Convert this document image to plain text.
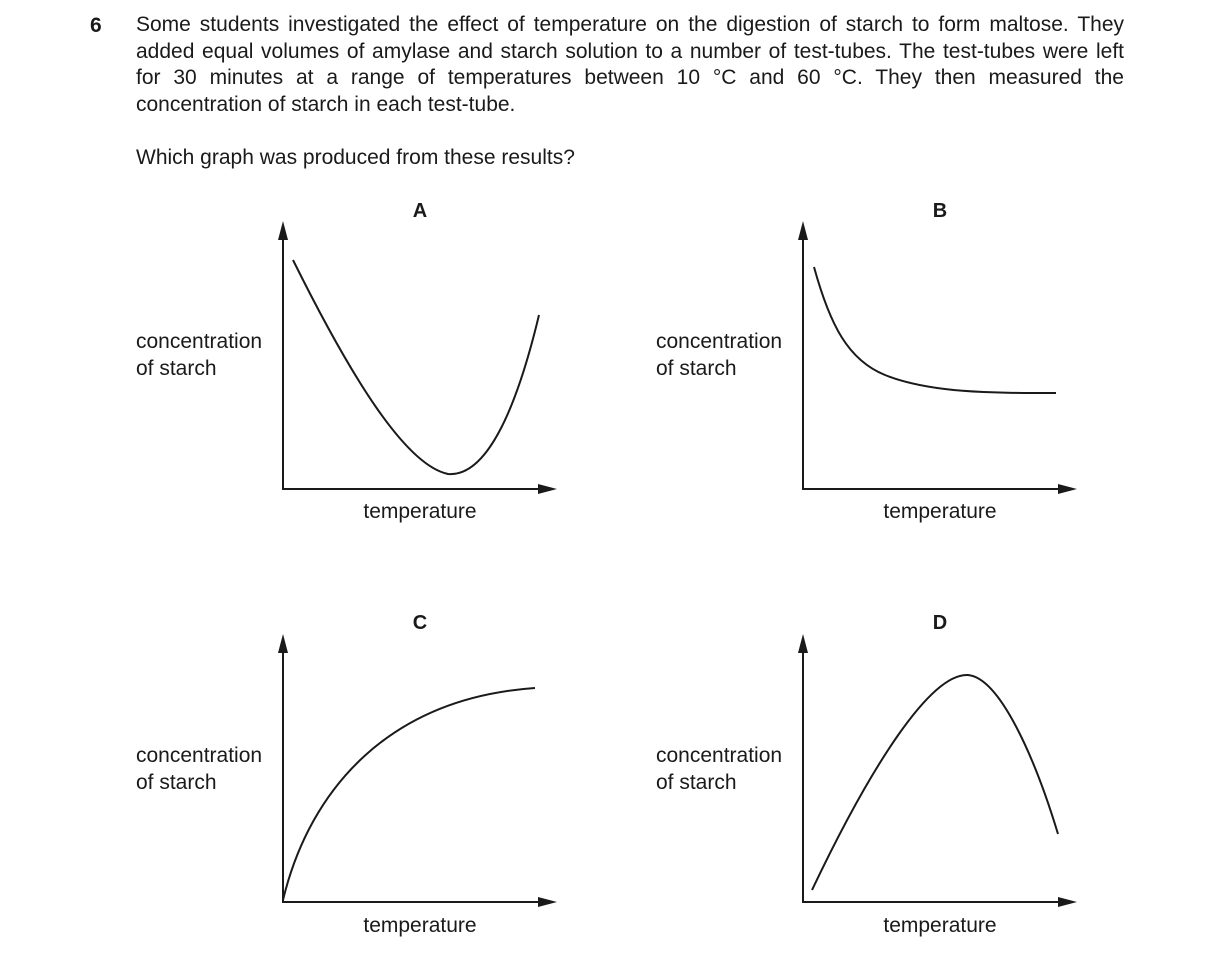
6 Some students investigated the effect of temperature on the digestion of starch to form maltose. They added equal volumes of amylase and starch solution to a number of test-tubes. The test-tubes were left for 30 minutes at a range of temperatures between 10 °C and 60 °C. They then measured the concentration of starch in each test-tube.
Which graph was produced from these results?
A
concentration
of starch
temperature
B
concentration
of starch
temperature
C
concentration
of starch
temperature
D
concentration
of starch
temperature
